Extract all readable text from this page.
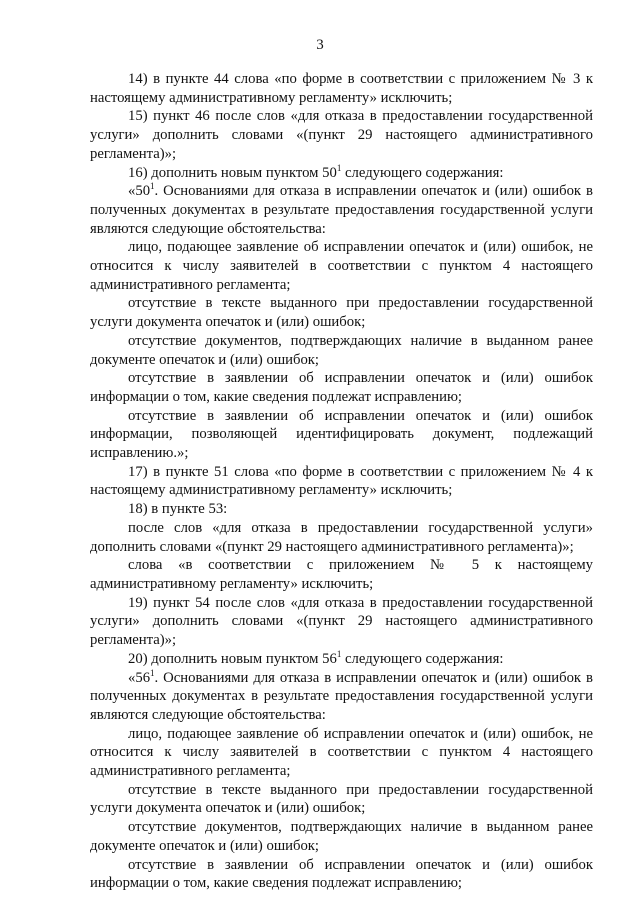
3

14) в пункте 44 слова «по форме в соответствии с приложением № 3 к настоящему административному регламенту» исключить;

15) пункт 46 после слов «для отказа в предоставлении государственной услуги» дополнить словами «(пункт 29 настоящего административного регламента)»;

16) дополнить новым пунктом $50^1$ следующего содержания:

«$50^1$. Основаниями для отказа в исправлении опечаток и (или) ошибок в полученных документах в результате предоставления государственной услуги являются следующие обстоятельства:

лицо, подающее заявление об исправлении опечаток и (или) ошибок, не относится к числу заявителей в соответствии с пунктом 4 настоящего административного регламента;

отсутствие в тексте выданного при предоставлении государственной услуги документа опечаток и (или) ошибок;

отсутствие документов, подтверждающих наличие в выданном ранее документе опечаток и (или) ошибок;

отсутствие в заявлении об исправлении опечаток и (или) ошибок информации о том, какие сведения подлежат исправлению;

отсутствие в заявлении об исправлении опечаток и (или) ошибок информации, позволяющей идентифицировать документ, подлежащий исправлению.»;

17) в пункте 51 слова «по форме в соответствии с приложением № 4 к настоящему административному регламенту» исключить;

18) в пункте 53:

после слов «для отказа в предоставлении государственной услуги» дополнить словами «(пункт 29 настоящего административного регламента)»;

слова «в соответствии с приложением № 5 к настоящему административному регламенту» исключить;

19) пункт 54 после слов «для отказа в предоставлении государственной услуги» дополнить словами «(пункт 29 настоящего административного регламента)»;

20) дополнить новым пунктом $56^1$ следующего содержания:

«$56^1$. Основаниями для отказа в исправлении опечаток и (или) ошибок в полученных документах в результате предоставления государственной услуги являются следующие обстоятельства:

лицо, подающее заявление об исправлении опечаток и (или) ошибок, не относится к числу заявителей в соответствии с пунктом 4 настоящего административного регламента;

отсутствие в тексте выданного при предоставлении государственной услуги документа опечаток и (или) ошибок;

отсутствие документов, подтверждающих наличие в выданном ранее документе опечаток и (или) ошибок;

отсутствие в заявлении об исправлении опечаток и (или) ошибок информации о том, какие сведения подлежат исправлению;
